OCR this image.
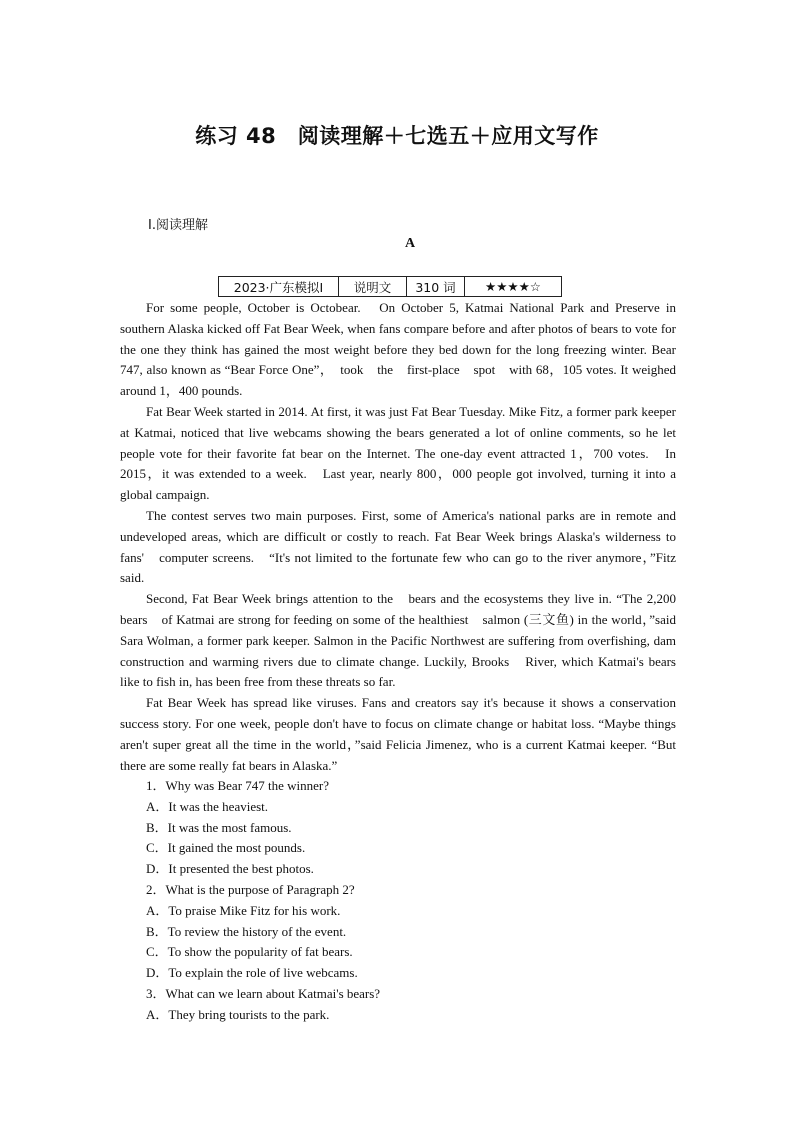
练习 48　阅读理解＋七选五＋应用文写作
Ⅰ.阅读理解
A
2023·广东模拟Ⅰ	说明文	310 词	★★★★☆

For some people, October is Octobear.　On October 5, Katmai National Park and Preserve in southern Alaska kicked off Fat Bear Week, when fans compare before and after photos of bears to vote for the one they think has gained the most weight before they bed down for the long freezing winter. Bear 747, also known as “Bear Force One”，　took　the　first-place　spot　with 68，105 votes. It weighed around 1，400 pounds.

Fat Bear Week started in 2014. At first, it was just Fat Bear Tuesday. Mike Fitz, a former park keeper at Katmai, noticed that live webcams showing the bears generated a lot of online comments, so he let people vote for their favorite fat bear on the Internet. The one-day event attracted 1，700 votes.　In 2015，it was extended to a week.　Last year, nearly 800，000 people got involved, turning it into a global campaign.

The contest serves two main purposes. First, some of America's national parks are in remote and undeveloped areas, which are difficult or costly to reach. Fat Bear Week brings Alaska's wilderness to fans'　computer screens.　“It's not limited to the fortunate few who can go to the river anymore，”Fitz said.

Second, Fat Bear Week brings attention to the　bears and the ecosystems they live in. “The 2,200 bears　of Katmai are strong for feeding on some of the healthiest　salmon (三文鱼) in the world，”said Sara Wolman, a former park keeper. Salmon in the Pacific Northwest are suffering from overfishing, dam construction and warming rivers due to climate change. Luckily, Brooks　River, which Katmai's bears like to fish in, has been free from these threats so far.

Fat Bear Week has spread like viruses. Fans and creators say it's because it shows a conservation success story. For one week, people don't have to focus on climate change or habitat loss. “Maybe things aren't super great all the time in the world，”said Felicia Jimenez, who is a current Katmai keeper. “But there are some really fat bears in Alaska.”

1．Why was Bear 747 the winner?

A．It was the heaviest.

B．It was the most famous.

C．It gained the most pounds.

D．It presented the best photos.

2．What is the purpose of Paragraph 2?

A．To praise Mike Fitz for his work.

B．To review the history of the event.

C．To show the popularity of fat bears.

D．To explain the role of live webcams.

3．What can we learn about Katmai's bears?

A．They bring tourists to the park.
